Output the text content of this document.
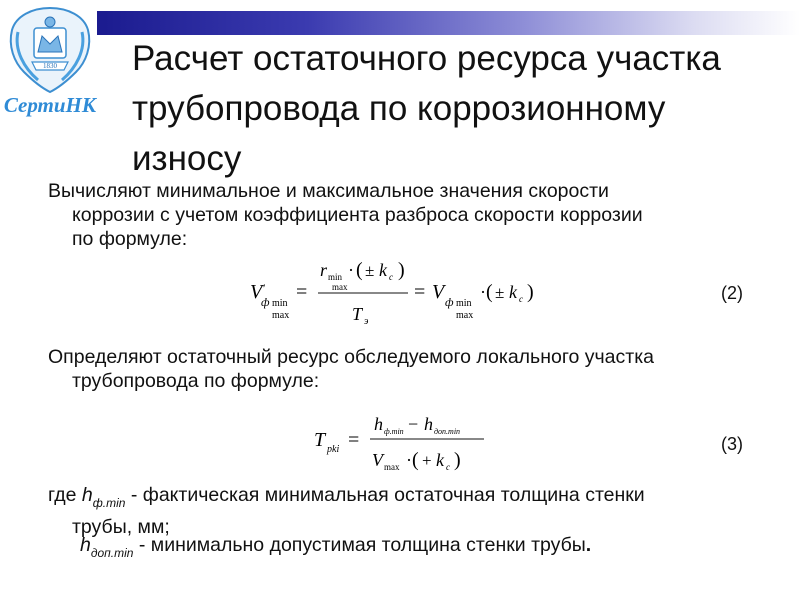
1830
СертиНК
Расчет остаточного ресурса участка трубопровода по коррозионному износу
Вычисляют минимальное и максимальное значения скорости
коррозии с учетом коэффициента разброса скорости коррозии
по формуле:
V ′
ф min
max
=
r min
max
· ( ± k c )
T э
= V ф min
max
· ( ± k c )	(2)
Определяют остаточный ресурс обследуемого локального участка
трубопровода по формуле:
T pki =
h ф.min − h доп.min
V max · ( + k c )
(3)
где $h_{ф.min}$ - фактическая минимальная остаточная толщина стенки
трубы, мм;
$h_{доп.min}$ - минимально допустимая толщина стенки трубы.
